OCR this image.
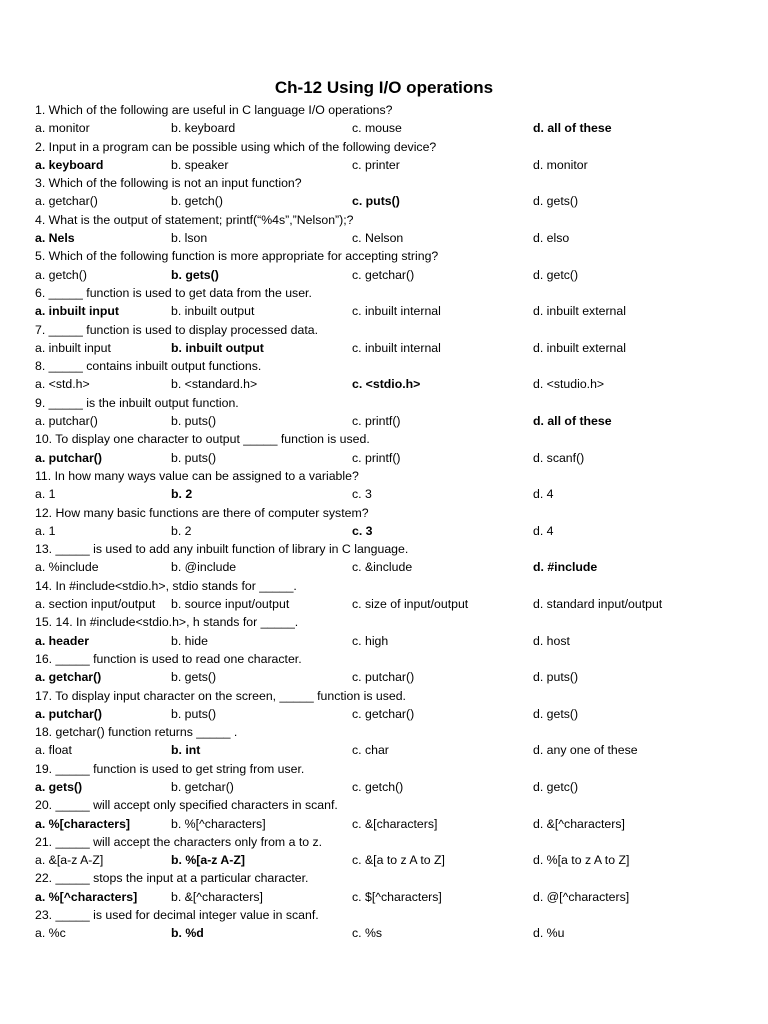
Ch-12 Using I/O operations
1. Which of the following are useful in C language I/O operations?
a. monitor	b. keyboard	c. mouse	d. all of these
2. Input in a program can be possible using which of the following device?
a. keyboard	b. speaker	c. printer	d. monitor
3. Which of the following is not an input function?
a. getchar()	b. getch()	c. puts()	d. gets()
4. What is the output of statement; printf(“%4s”,”Nelson”);?
a. Nels	b. lson	c. Nelson	d. elso
5. Which of the following function is more appropriate for accepting string?
a. getch()	b. gets()	c. getchar()	d. getc()
6. _____ function is used to get data from the user.
a. inbuilt input	b. inbuilt output	c. inbuilt internal	d. inbuilt external
7. _____ function is used to display processed data.
a. inbuilt input	b. inbuilt output	c. inbuilt internal	d. inbuilt external
8. _____ contains inbuilt output functions.
a. <std.h>	b. <standard.h>	c. <stdio.h>	d. <studio.h>
9. _____ is the inbuilt output function.
a. putchar()	b. puts()	c. printf()	d. all of these
10. To display one character to output _____ function is used.
a. putchar()	b. puts()	c. printf()	d. scanf()
11. In how many ways value can be assigned to a variable?
a. 1	b. 2	c. 3	d. 4
12. How many basic functions are there of computer system?
a. 1	b. 2	c. 3	d. 4
13. _____ is used to add any inbuilt function of library in C language.
a. %include	b. @include	c. &include	d. #include
14. In #include<stdio.h>, stdio stands for _____.
a. section input/output b. source input/output	c. size of input/output	d. standard input/output
15. 14. In #include<stdio.h>, h stands for _____.
a. header	b. hide	c. high	d. host
16. _____ function is used to read one character.
a. getchar()	b. gets()	c. putchar()	d. puts()
17. To display input character on the screen, _____ function is used.
a. putchar()	b. puts()	c. getchar()	d. gets()
18. getchar() function returns _____ .
a. float	b. int	c. char	d. any one of these
19. _____ function is used to get string from user.
a. gets()	b. getchar()	c. getch()	d. getc()
20. _____ will accept only specified characters in scanf.
a. %[characters]	b. %[^characters]	c. &[characters]	d. &[^characters]
21. _____ will accept the characters only from a to z.
a. &[a-z A-Z]	b. %[a-z A-Z]	c. &[a to z A to Z]	d. %[a to z A to Z]
22. _____ stops the input at a particular character.
a. %[^characters]	b. &[^characters]	c. $[^characters]	d. @[^characters]
23. _____ is used for decimal integer value in scanf.
a. %c	b. %d	c. %s	d. %u
